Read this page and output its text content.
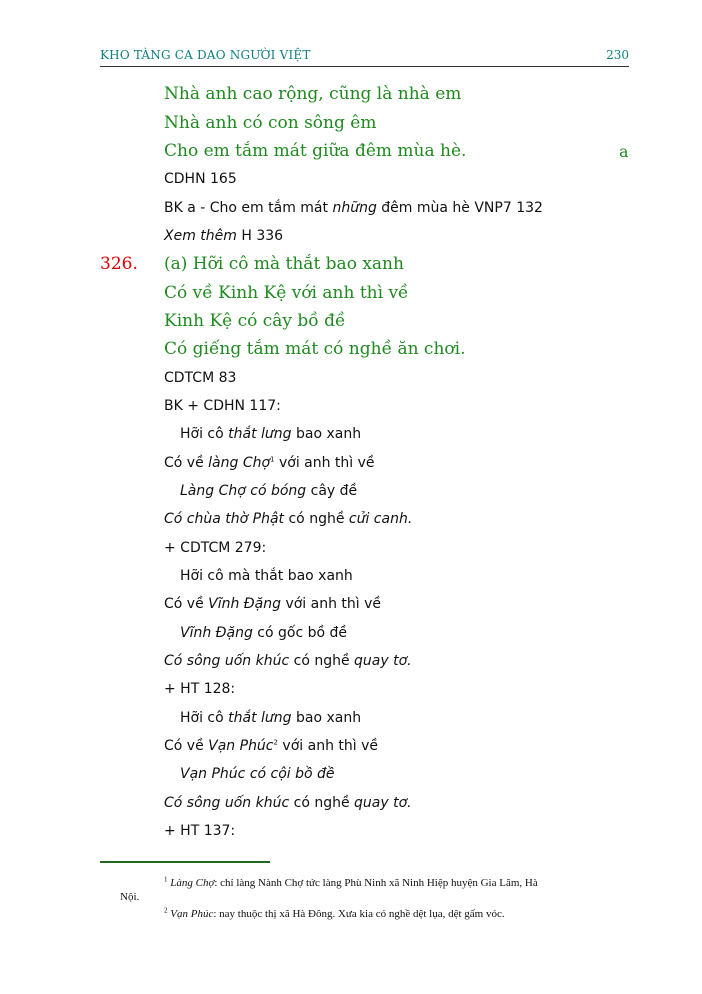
KHO TÀNG CA DAO NGƯỜI VIỆT	230
Nhà anh cao rộng, cũng là nhà em
Nhà anh có con sông êm
Cho em tắm mát giữa đêm mùa hè.	a
CDHN 165
BK a - Cho em tắm mát những đêm mùa hè VNP7 132
Xem thêm H 336
326. (a) Hỡi cô mà thắt bao xanh
Có về Kinh Kệ với anh thì về
Kinh Kệ có cây bồ đề
Có giếng tắm mát có nghề ăn chơi.
CDTCM 83
BK + CDHN 117:
Hỡi cô thắt lưng bao xanh
Có về làng Chợ$^1$ với anh thì về
Làng Chợ có bóng cây đề
Có chùa thờ Phật có nghề cửi canh.
+ CDTCM 279:
Hỡi cô mà thắt bao xanh
Có về Vĩnh Đặng với anh thì về
Vĩnh Đặng có gốc bồ đề
Có sông uốn khúc có nghề quay tơ.
+ HT 128:
Hỡi cô thắt lưng bao xanh
Có về Vạn Phúc$^2$ với anh thì về
Vạn Phúc có cội bồ đề
Có sông uốn khúc có nghề quay tơ.
+ HT 137:
$^1$ Làng Chợ: chỉ làng Nành Chợ tức làng Phù Ninh xã Ninh Hiệp huyện Gia Lâm, Hà
Nội.
$^2$ Vạn Phúc: nay thuộc thị xã Hà Đông. Xưa kia có nghề dệt lụa, dệt gấm vóc.
